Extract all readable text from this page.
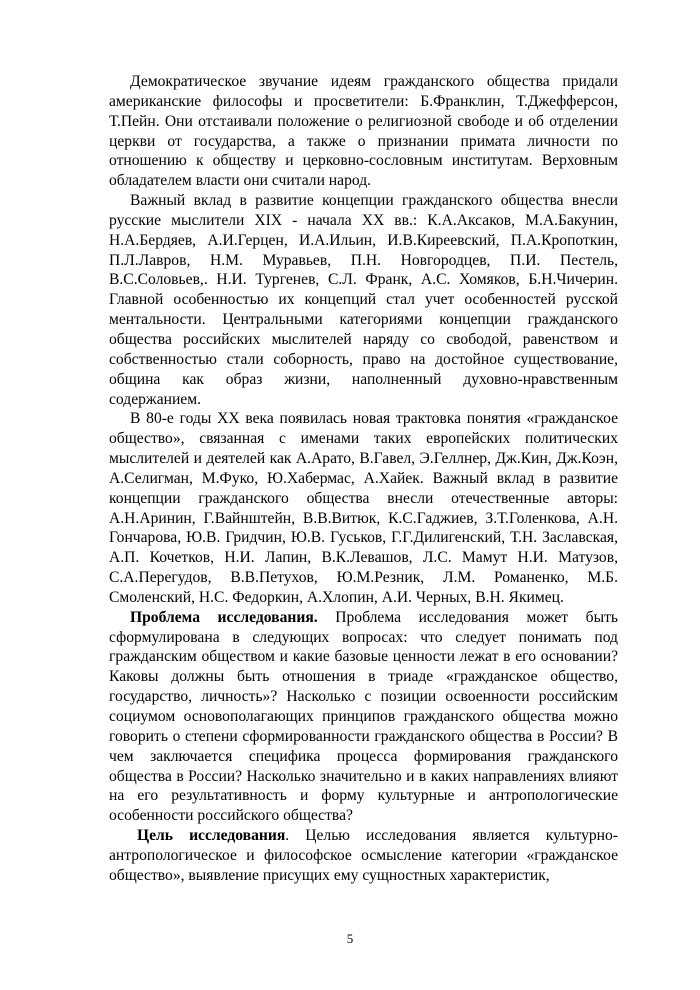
Демократическое звучание идеям гражданского общества придали американские философы и просветители: Б.Франклин, Т.Джефферсон, Т.Пейн. Они отстаивали положение о религиозной свободе и об отделении церкви от государства, а также о признании примата личности по отношению к обществу и церковно-сословным институтам. Верховным обладателем власти они считали народ.

Важный вклад в развитие концепции гражданского общества внесли русские мыслители XIX - начала XX вв.: К.А.Аксаков, М.А.Бакунин, Н.А.Бердяев, А.И.Герцен, И.А.Ильин, И.В.Киреевский, П.А.Кропоткин, П.Л.Лавров, Н.М. Муравьев, П.Н. Новгородцев, П.И. Пестель, В.С.Соловьев,. Н.И. Тургенев, С.Л. Франк, А.С. Хомяков, Б.Н.Чичерин. Главной особенностью их концепций стал учет особенностей русской ментальности. Центральными категориями концепции гражданского общества российских мыслителей наряду со свободой, равенством и собственностью стали соборность, право на достойное существование, община как образ жизни, наполненный духовно-нравственным содержанием.

В 80-е годы XX века появилась новая трактовка понятия «гражданское общество», связанная с именами таких европейских политических мыслителей и деятелей как А.Арато, В.Гавел, Э.Геллнер, Дж.Кин, Дж.Коэн, А.Селигман, М.Фуко, Ю.Хабермас, А.Хайек. Важный вклад в развитие концепции гражданского общества внесли отечественные авторы: А.Н.Аринин, Г.Вайнштейн, В.В.Витюк, К.С.Гаджиев, З.Т.Голенкова, А.Н. Гончарова, Ю.В. Гридчин, Ю.В. Гуськов, Г.Г.Дилигенский, Т.Н. Заславская, А.П. Кочетков, Н.И. Лапин, В.К.Левашов, Л.С. Мамут Н.И. Матузов, С.А.Перегудов, В.В.Петухов, Ю.М.Резник, Л.М. Романенко, М.Б. Смоленский, Н.С. Федоркин, А.Хлопин, А.И. Черных, В.Н. Якимец.

Проблема исследования. Проблема исследования может быть сформулирована в следующих вопросах: что следует понимать под гражданским обществом и какие базовые ценности лежат в его основании? Каковы должны быть отношения в триаде «гражданское общество, государство, личность»? Насколько с позиции освоенности российским социумом основополагающих принципов гражданского общества можно говорить о степени сформированности гражданского общества в России? В чем заключается специфика процесса формирования гражданского общества в России? Насколько значительно и в каких направлениях влияют на его результативность и форму культурные и антропологические особенности российского общества?

Цель исследования. Целью исследования является культурно-антропологическое и философское осмысление категории «гражданское общество», выявление присущих ему сущностных характеристик,

5
